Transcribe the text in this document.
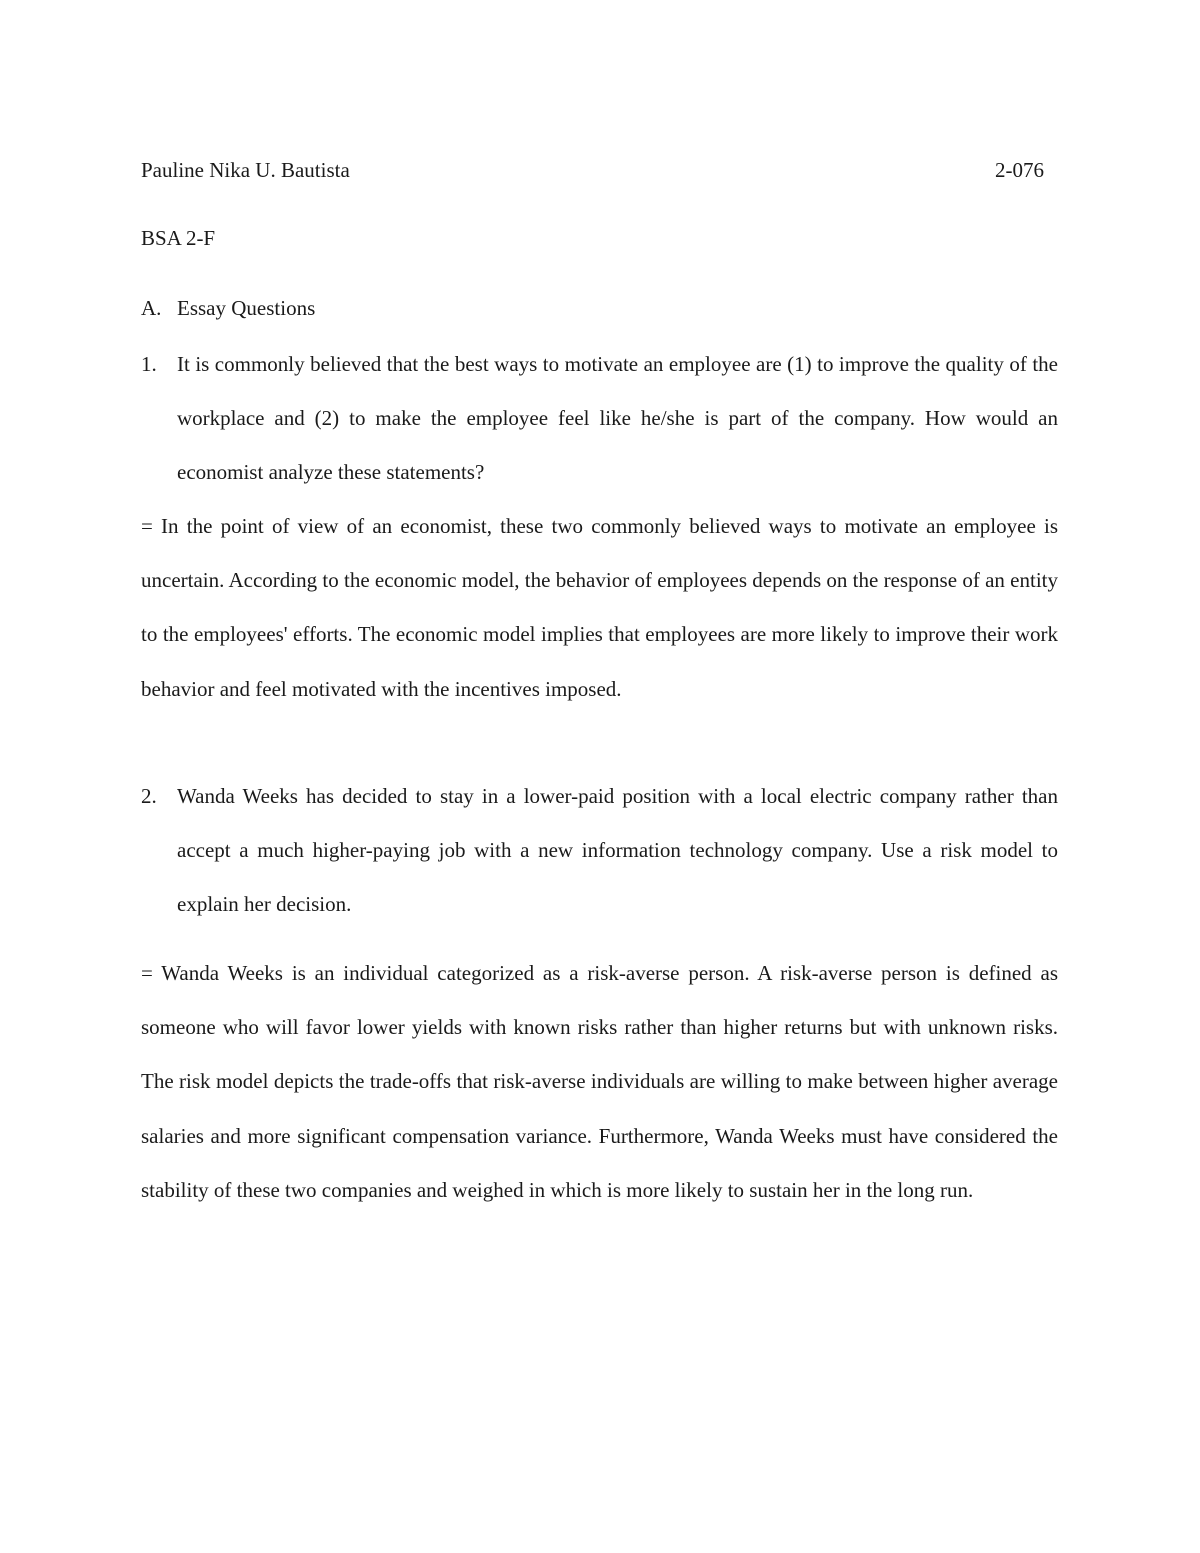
Pauline Nika U. Bautista	2-076
BSA 2-F
A. Essay Questions
1. It is commonly believed that the best ways to motivate an employee are (1) to improve the quality of the workplace and (2) to make the employee feel like he/she is part of the company. How would an economist analyze these statements?

= In the point of view of an economist, these two commonly believed ways to motivate an employee is uncertain. According to the economic model, the behavior of employees depends on the response of an entity to the employees' efforts. The economic model implies that employees are more likely to improve their work behavior and feel motivated with the incentives imposed.

2. Wanda Weeks has decided to stay in a lower-paid position with a local electric company rather than accept a much higher-paying job with a new information technology company. Use a risk model to explain her decision.

= Wanda Weeks is an individual categorized as a risk-averse person. A risk-averse person is defined as someone who will favor lower yields with known risks rather than higher returns but with unknown risks. The risk model depicts the trade-offs that risk-averse individuals are willing to make between higher average salaries and more significant compensation variance. Furthermore, Wanda Weeks must have considered the stability of these two companies and weighed in which is more likely to sustain her in the long run.
